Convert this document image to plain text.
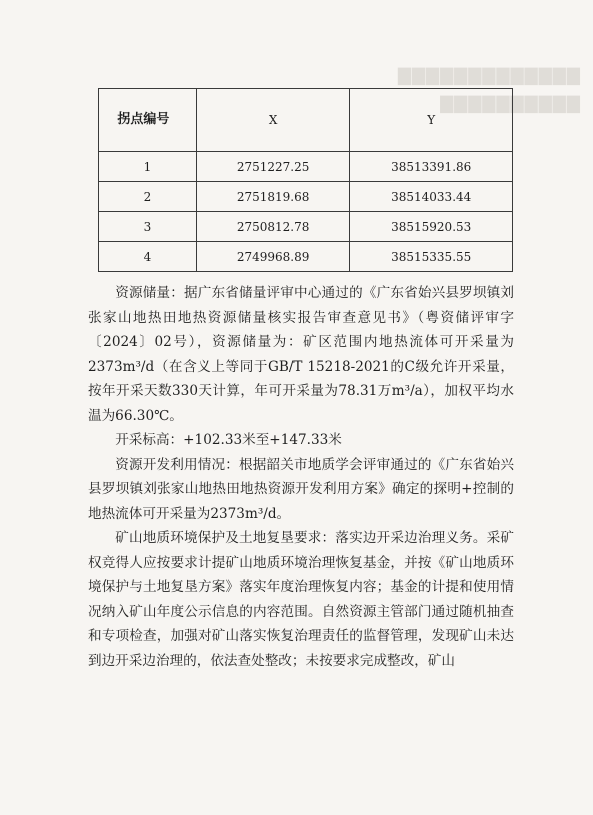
▇▇▇▇▇▇▇▇▇▇▇▇▇
▇▇▇▇▇▇▇▇▇▇
拐点编号	X	Y
1	2751227.25	38513391.86
2	2751819.68	38514033.44
3	2750812.78	38515920.53
4	2749968.89	38515335.55

资源储量：据广东省储量评审中心通过的《广东省始兴县罗坝镇刘张家山地热田地热资源储量核实报告审查意见书》（粤资储评审字〔2024〕02号），资源储量为：矿区范围内地热流体可开采量为2373m³/d（在含义上等同于GB/T 15218-2021的C级允许开采量，按年开采天数330天计算，年可开采量为78.31万m³/a），加权平均水温为66.30℃。

开采标高：+102.33米至+147.33米

资源开发利用情况：根据韶关市地质学会评审通过的《广东省始兴县罗坝镇刘张家山地热田地热资源开发利用方案》确定的探明+控制的地热流体可开采量为2373m³/d。

矿山地质环境保护及土地复垦要求：落实边开采边治理义务。采矿权竞得人应按要求计提矿山地质环境治理恢复基金，并按《矿山地质环境保护与土地复垦方案》落实年度治理恢复内容；基金的计提和使用情况纳入矿山年度公示信息的内容范围。自然资源主管部门通过随机抽查和专项检查，加强对矿山落实恢复治理责任的监督管理，发现矿山未达到边开采边治理的，依法查处整改；未按要求完成整改，矿山
